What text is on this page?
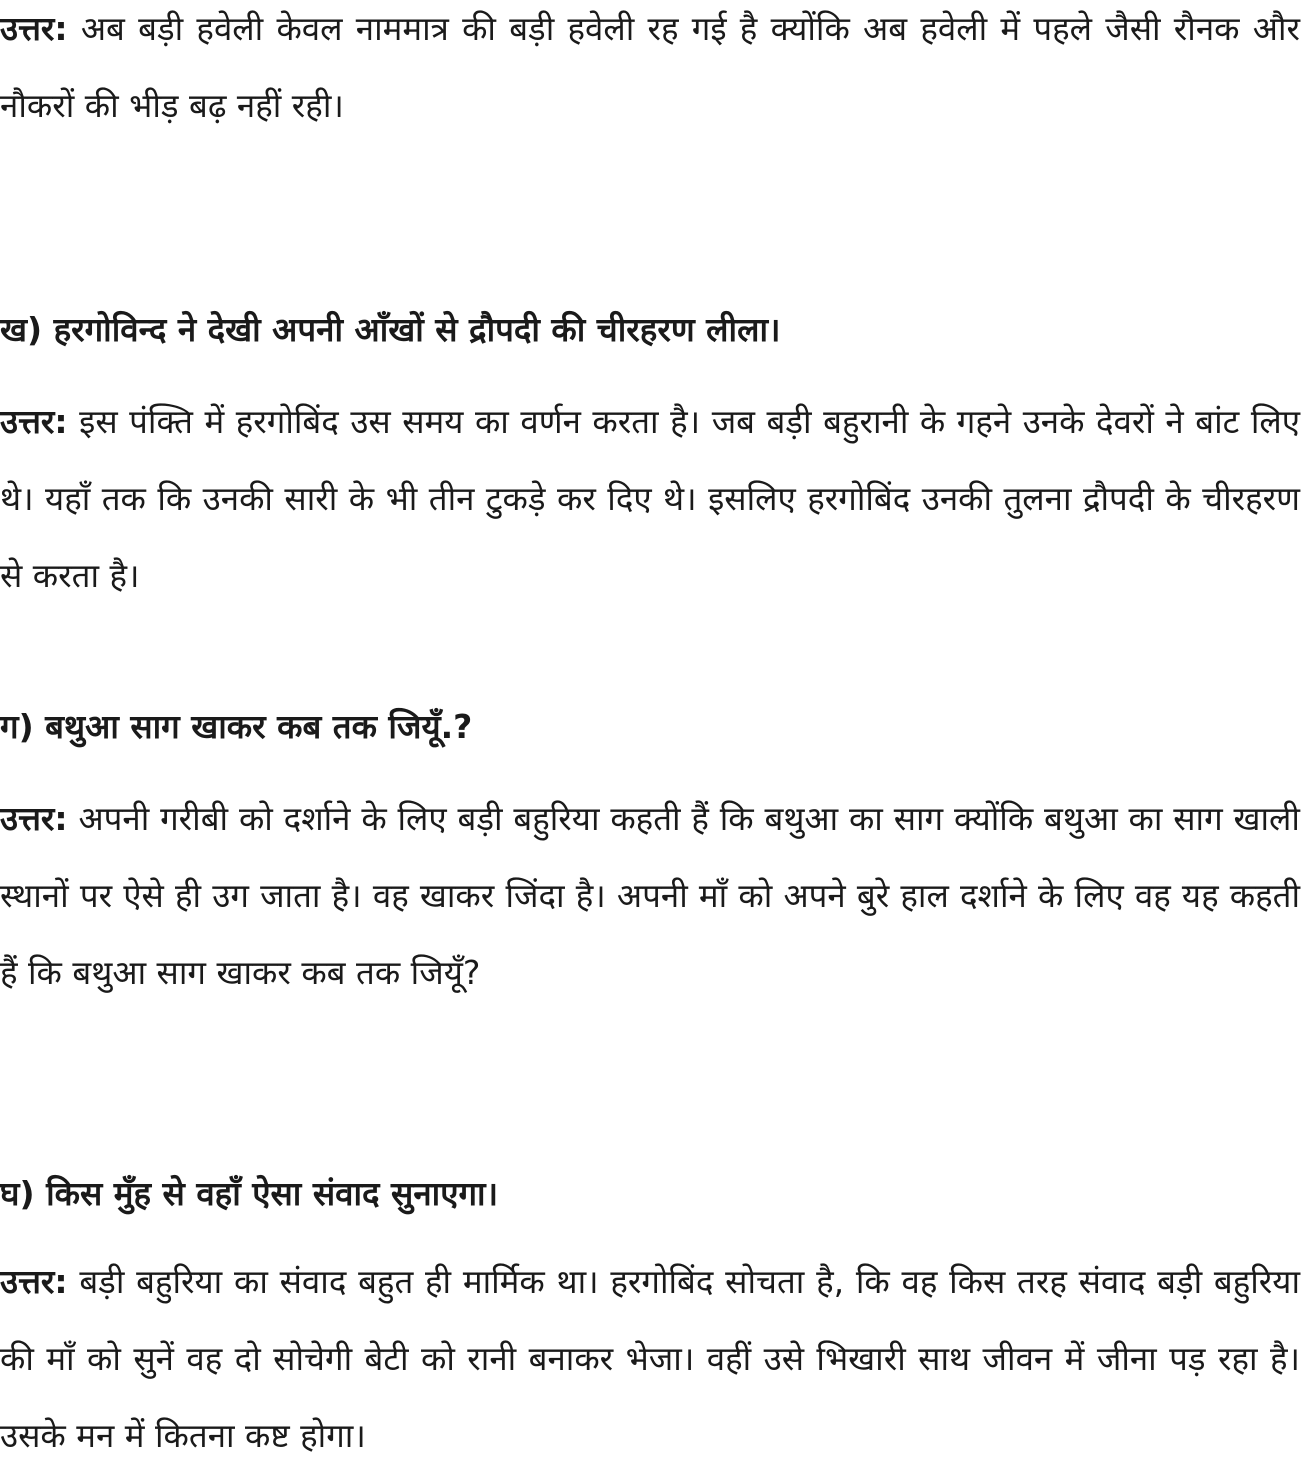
उत्तर: अब बड़ी हवेली केवल नाममात्र की बड़ी हवेली रह गई है क्योंकि अब हवेली में पहले जैसी रौनक और नौकरों की भीड़ बढ़ नहीं रही।
ख) हरगोविन्द ने देखी अपनी आँखों से द्रौपदी की चीरहरण लीला।
उत्तर: इस पंक्ति में हरगोबिंद उस समय का वर्णन करता है। जब बड़ी बहुरानी के गहने उनके देवरों ने बांट लिए थे। यहाँ तक कि उनकी सारी के भी तीन टुकड़े कर दिए थे। इसलिए हरगोबिंद उनकी तुलना द्रौपदी के चीरहरण से करता है।
ग) बथुआ साग खाकर कब तक जियूँ.?
उत्तर: अपनी गरीबी को दर्शाने के लिए बड़ी बहुरिया कहती हैं कि बथुआ का साग क्योंकि बथुआ का साग खाली स्थानों पर ऐसे ही उग जाता है। वह खाकर जिंदा है। अपनी माँ को अपने बुरे हाल दर्शाने के लिए वह यह कहती हैं कि बथुआ साग खाकर कब तक जियूँ?
घ) किस मुँह से वहाँ ऐसा संवाद सुनाएगा।
उत्तर: बड़ी बहुरिया का संवाद बहुत ही मार्मिक था। हरगोबिंद सोचता है, कि वह किस तरह संवाद बड़ी बहुरिया की माँ को सुनें वह दो सोचेगी बेटी को रानी बनाकर भेजा। वहीं उसे भिखारी साथ जीवन में जीना पड़ रहा है। उसके मन में कितना कष्ट होगा।
